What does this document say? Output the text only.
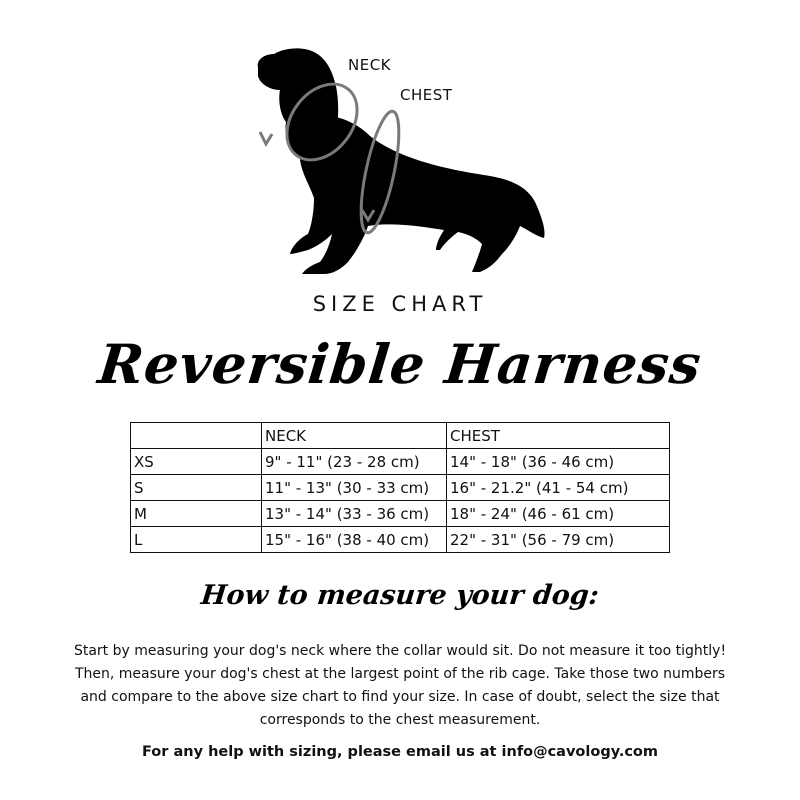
NECK
CHEST
SIZE CHART
Reversible Harness
	NECK	CHEST
XS	9" - 11" (23 - 28 cm)	14" - 18" (36 - 46 cm)
S	11" - 13" (30 - 33 cm)	16" - 21.2" (41 - 54 cm)
M	13" - 14" (33 - 36 cm)	18" - 24" (46 - 61 cm)
L	15" - 16" (38 - 40 cm)	22" - 31" (56 - 79 cm)
How to measure your dog:

Start by measuring your dog's neck where the collar would sit. Do not measure it too tightly! Then, measure your dog's chest at the largest point of the rib cage. Take those two numbers and compare to the above size chart to find your size. In case of doubt, select the size that corresponds to the chest measurement.

For any help with sizing, please email us at info@cavology.com
